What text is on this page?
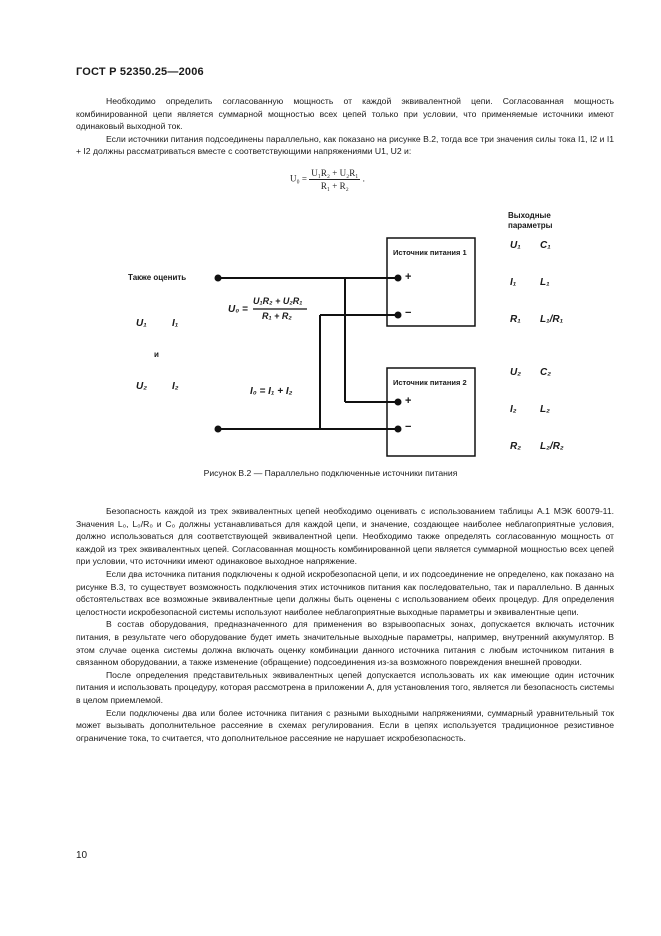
ГОСТ Р 52350.25—2006

Необходимо определить согласованную мощность от каждой эквивалентной цепи. Согласованная мощность комбинированной цепи является суммарной мощностью всех цепей только при условии, что применяемые источники имеют одинаковый выходной ток.

Если источники питания подсоединены параллельно, как показано на рисунке В.2, тогда все три значения силы тока I1, I2 и I1 + I2 должны рассматриваться вместе с соответствующими напряжениями U1, U2 и:

$U_0 = \frac{\text{U₁R₂ + U₂R₁}}{\text{R₁ + R₂}}$ .
Источник питания 1
Источник питания 2
+
−
+
−
Также оценить
U₁	I₁
и
U₂ I₂
U₀ =
U₁R₂ + U₂R₁
R₁ + R₂
I₀ = I₁ + I₂
Выходные
параметры
U₁ C₁
I₁ L₁
R₁ L₁/R₁
U₂ C₂
I₂ L₂
R₂ L₂/R₂
Рисунок В.2 — Параллельно подключенные источники питания

Безопасность каждой из трех эквивалентных цепей необходимо оценивать с использованием таблицы А.1 МЭК 60079-11. Значения L₀, L₀/R₀ и C₀ должны устанавливаться для каждой цепи, и значение, создающее наиболее неблагоприятные условия, должно использоваться для соответствующей эквивалентной цепи. Необходимо также определять согласованную мощность от каждой из трех эквивалентных цепей. Согласованная мощность комбинированной цепи является суммарной мощностью всех цепей при условии, что источники имеют одинаковое выходное напряжение.

Если два источника питания подключены к одной искробезопасной цепи, и их подсоединение не определено, как показано на рисунке В.3, то существует возможность подключения этих источников питания как последовательно, так и параллельно. В данных обстоятельствах все возможные эквивалентные цепи должны быть оценены с использованием обеих процедур. Для определения целостности искробезопасной системы используют наиболее неблагоприятные выходные параметры и эквивалентные цепи.

В состав оборудования, предназначенного для применения во взрывоопасных зонах, допускается включать источник питания, в результате чего оборудование будет иметь значительные выходные параметры, например, внутренний аккумулятор. В этом случае оценка системы должна включать оценку комбинации данного источника питания с любым источником питания в связанном оборудовании, а также изменение (обращение) подсоединения из-за возможного повреждения внешней проводки.

После определения представительных эквивалентных цепей допускается использовать их как имеющие один источник питания и использовать процедуру, которая рассмотрена в приложении А, для установления того, является ли безопасность системы в целом приемлемой.

Если подключены два или более источника питания с разными выходными напряжениями, суммарный уравнительный ток может вызывать дополнительное рассеяние в схемах регулирования. Если в цепях используется традиционное резистивное ограничение тока, то считается, что дополнительное рассеяние не нарушает искробезопасность.

10
